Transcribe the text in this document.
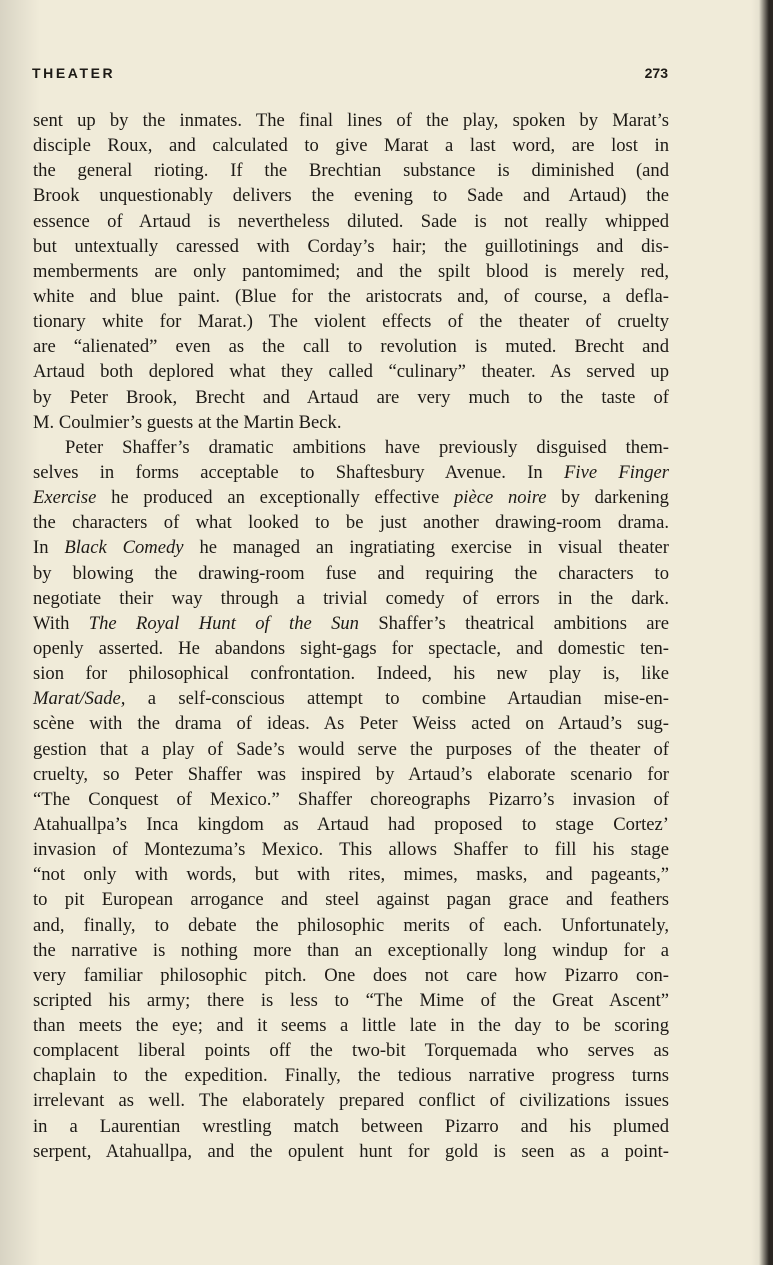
THEATER	273
sent up by the inmates. The final lines of the play, spoken by Marat’s
disciple Roux, and calculated to give Marat a last word, are lost in
the general rioting. If the Brechtian substance is diminished (and
Brook unquestionably delivers the evening to Sade and Artaud) the
essence of Artaud is nevertheless diluted. Sade is not really whipped
but untextually caressed with Corday’s hair; the guillotinings and dis-
memberments are only pantomimed; and the spilt blood is merely red,
white and blue paint. (Blue for the aristocrats and, of course, a defla-
tionary white for Marat.) The violent effects of the theater of cruelty
are “alienated” even as the call to revolution is muted. Brecht and
Artaud both deplored what they called “culinary” theater. As served up
by Peter Brook, Brecht and Artaud are very much to the taste of
M. Coulmier’s guests at the Martin Beck.
Peter Shaffer’s dramatic ambitions have previously disguised them-
selves in forms acceptable to Shaftesbury Avenue. In Five Finger
Exercise he produced an exceptionally effective pièce noire by darkening
the characters of what looked to be just another drawing-room drama.
In Black Comedy he managed an ingratiating exercise in visual theater
by blowing the drawing-room fuse and requiring the characters to
negotiate their way through a trivial comedy of errors in the dark.
With The Royal Hunt of the Sun Shaffer’s theatrical ambitions are
openly asserted. He abandons sight-gags for spectacle, and domestic ten-
sion for philosophical confrontation. Indeed, his new play is, like
Marat/Sade, a self-conscious attempt to combine Artaudian mise-en-
scène with the drama of ideas. As Peter Weiss acted on Artaud’s sug-
gestion that a play of Sade’s would serve the purposes of the theater of
cruelty, so Peter Shaffer was inspired by Artaud’s elaborate scenario for
“The Conquest of Mexico.” Shaffer choreographs Pizarro’s invasion of
Atahuallpa’s Inca kingdom as Artaud had proposed to stage Cortez’
invasion of Montezuma’s Mexico. This allows Shaffer to fill his stage
“not only with words, but with rites, mimes, masks, and pageants,”
to pit European arrogance and steel against pagan grace and feathers
and, finally, to debate the philosophic merits of each. Unfortunately,
the narrative is nothing more than an exceptionally long windup for a
very familiar philosophic pitch. One does not care how Pizarro con-
scripted his army; there is less to “The Mime of the Great Ascent”
than meets the eye; and it seems a little late in the day to be scoring
complacent liberal points off the two-bit Torquemada who serves as
chaplain to the expedition. Finally, the tedious narrative progress turns
irrelevant as well. The elaborately prepared conflict of civilizations issues
in a Laurentian wrestling match between Pizarro and his plumed
serpent, Atahuallpa, and the opulent hunt for gold is seen as a point-
